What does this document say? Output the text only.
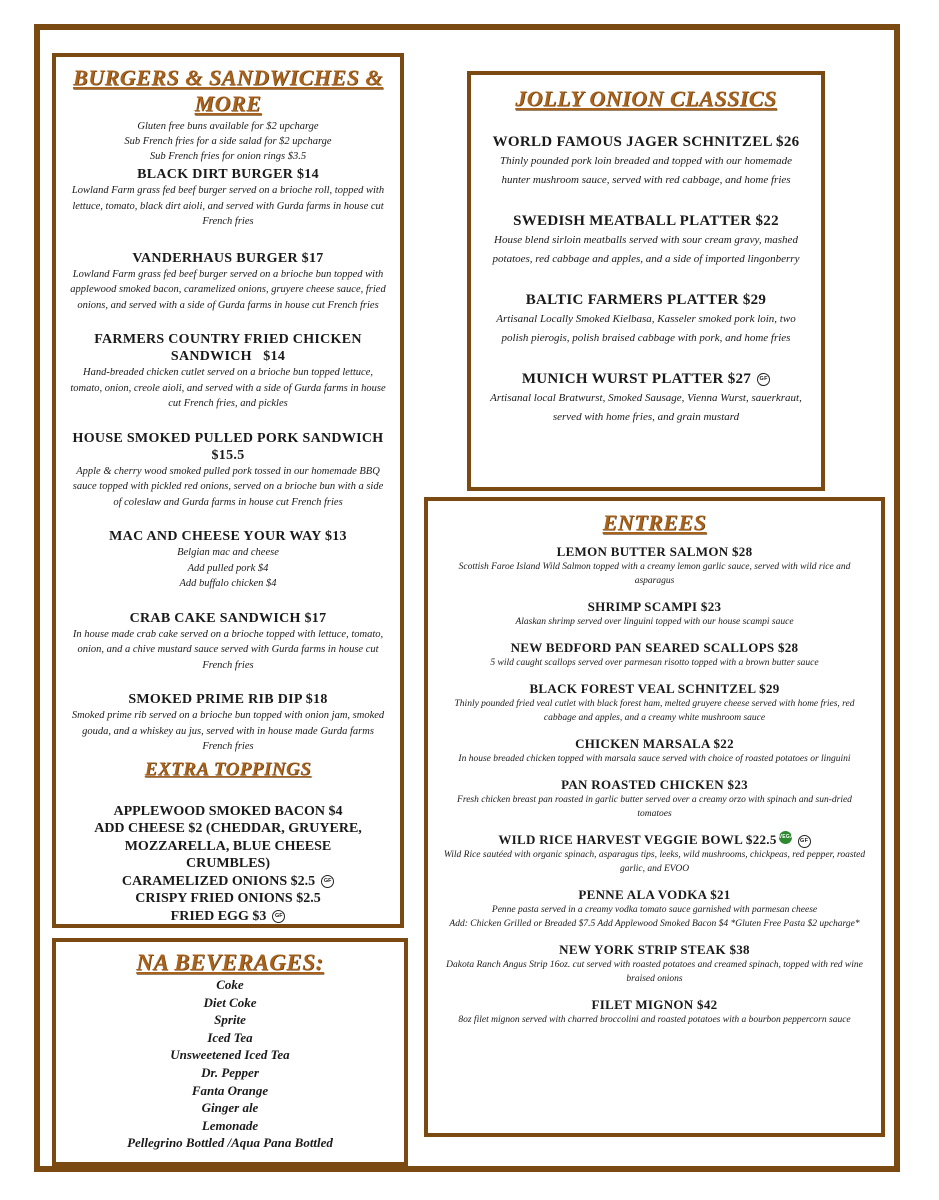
BURGERS & SANDWICHES & MORE
Gluten free buns available for $2 upcharge
Sub French fries for a side salad for $2 upcharge
Sub French fries for onion rings $3.5
BLACK DIRT BURGER $14
Lowland Farm grass fed beef burger served on a brioche roll, topped with lettuce, tomato, black dirt aioli, and served with Gurda farms in house cut French fries
VANDERHAUS BURGER $17
Lowland Farm grass fed beef burger served on a brioche bun topped with applewood smoked bacon, caramelized onions, gruyere cheese sauce, fried onions, and served with a side of Gurda farms in house cut French fries
FARMERS COUNTRY FRIED CHICKEN SANDWICH   $14
Hand-breaded chicken cutlet served on a brioche bun topped lettuce, tomato, onion, creole aioli, and served with a side of Gurda farms in house cut French fries, and pickles
HOUSE SMOKED PULLED PORK SANDWICH $15.5
Apple & cherry wood smoked pulled pork tossed in our homemade BBQ sauce topped with pickled red onions, served on a brioche bun with a side of coleslaw and Gurda farms in house cut French fries
MAC AND CHEESE YOUR WAY $13
Belgian mac and cheese
Add pulled pork $4
Add buffalo chicken $4
CRAB CAKE SANDWICH $17
In house made crab cake served on a brioche topped with lettuce, tomato, onion, and a chive mustard sauce served with Gurda farms in house cut French fries
SMOKED PRIME RIB DIP $18
Smoked prime rib served on a brioche bun topped with onion jam, smoked gouda, and a whiskey au jus, served with in house made Gurda farms French fries
EXTRA TOPPINGS
APPLEWOOD SMOKED BACON $4
ADD CHEESE $2 (CHEDDAR, GRUYERE, MOZZARELLA, BLUE CHEESE CRUMBLES)
CARAMELIZED ONIONS $2.5 GF
CRISPY FRIED ONIONS $2.5
FRIED EGG $3 GF
NA BEVERAGES:
Coke
Diet Coke
Sprite
Iced Tea
Unsweetened Iced Tea
Dr. Pepper
Fanta Orange
Ginger ale
Lemonade
Pellegrino Bottled /Aqua Pana Bottled
JOLLY ONION CLASSICS
WORLD FAMOUS JAGER SCHNITZEL $26
Thinly pounded pork loin breaded and topped with our homemade hunter mushroom sauce, served with red cabbage, and home fries
SWEDISH MEATBALL PLATTER $22
House blend sirloin meatballs served with sour cream gravy, mashed potatoes, red cabbage and apples, and a side of imported lingonberry
BALTIC FARMERS PLATTER $29
Artisanal Locally Smoked Kielbasa, Kasseler smoked pork loin, two polish pierogis, polish braised cabbage with pork, and home fries
MUNICH WURST PLATTER $27 GF
Artisanal local Bratwurst, Smoked Sausage, Vienna Wurst, sauerkraut, served with home fries, and grain mustard
ENTREES
LEMON BUTTER SALMON $28
Scottish Faroe Island Wild Salmon topped with a creamy lemon garlic sauce, served with wild rice and asparagus
SHRIMP SCAMPI $23
Alaskan shrimp served over linguini topped with our house scampi sauce
NEW BEDFORD PAN SEARED SCALLOPS $28
5 wild caught scallops served over parmesan risotto topped with a brown butter sauce
BLACK FOREST VEAL SCHNITZEL $29
Thinly pounded fried veal cutlet with black forest ham, melted gruyere cheese served with home fries, red cabbage and apples, and a creamy white mushroom sauce
CHICKEN MARSALA $22
In house breaded chicken topped with marsala sauce served with choice of roasted potatoes or linguini
PAN ROASTED CHICKEN $23
Fresh chicken breast pan roasted in garlic butter served over a creamy orzo with spinach and sun-dried tomatoes
WILD RICE HARVEST VEGGIE BOWL $22.5 VEGANGF
Wild Rice sautéed with organic spinach, asparagus tips, leeks, wild mushrooms, chickpeas, red pepper, roasted garlic, and EVOO
PENNE ALA VODKA $21
Penne pasta served in a creamy vodka tomato sauce garnished with parmesan cheese
Add: Chicken Grilled or Breaded $7.5 Add Applewood Smoked Bacon $4 *Gluten Free Pasta $2 upcharge*
NEW YORK STRIP STEAK $38
Dakota Ranch Angus Strip 16oz. cut served with roasted potatoes and creamed spinach, topped with red wine braised onions
FILET MIGNON $42
8oz filet mignon served with charred broccolini and roasted potatoes with a bourbon peppercorn sauce
